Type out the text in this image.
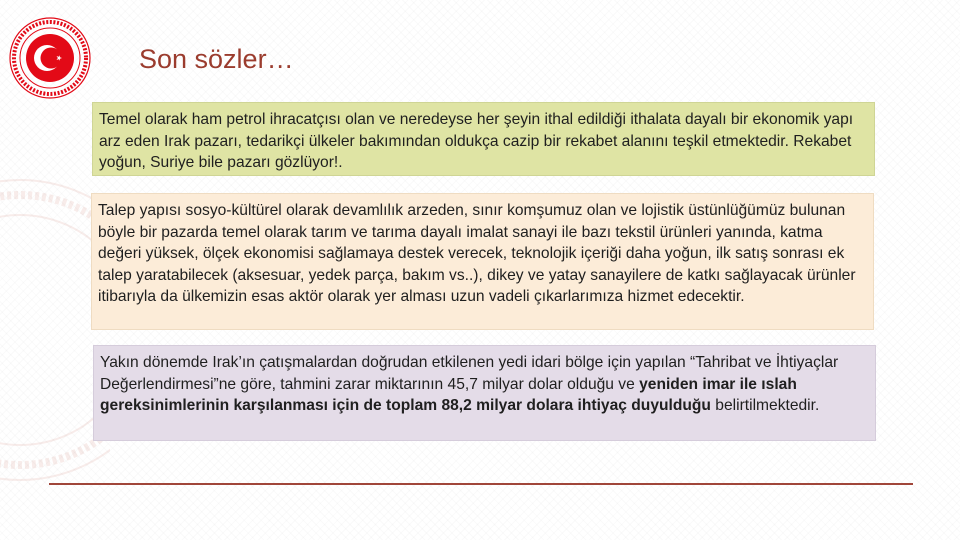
Son sözler…

Temel olarak ham petrol ihracatçısı olan ve neredeyse her şeyin ithal edildiği ithalata dayalı bir ekonomik yapı arz eden Irak pazarı, tedarikçi ülkeler bakımından oldukça cazip bir rekabet alanını teşkil etmektedir. Rekabet yoğun, Suriye bile pazarı gözlüyor!.

Talep yapısı sosyo-kültürel olarak devamlılık arzeden, sınır komşumuz olan ve lojistik üstünlüğümüz bulunan böyle bir pazarda temel olarak tarım ve tarıma dayalı imalat sanayi ile bazı tekstil ürünleri yanında, katma değeri yüksek, ölçek ekonomisi sağlamaya destek verecek, teknolojik içeriği daha yoğun, ilk satış sonrası ek talep yaratabilecek (aksesuar, yedek parça, bakım vs..), dikey ve yatay sanayilere de katkı sağlayacak ürünler itibarıyla da ülkemizin esas aktör olarak yer alması uzun vadeli çıkarlarımıza hizmet edecektir.

Yakın dönemde Irak’ın çatışmalardan doğrudan etkilenen yedi idari bölge için yapılan “Tahribat ve İhtiyaçlar Değerlendirmesi”ne göre, tahmini zarar miktarının 45,7 milyar dolar olduğu ve yeniden imar ile ıslah gereksinimlerinin karşılanması için de toplam 88,2 milyar dolara ihtiyaç duyulduğu belirtilmektedir.
